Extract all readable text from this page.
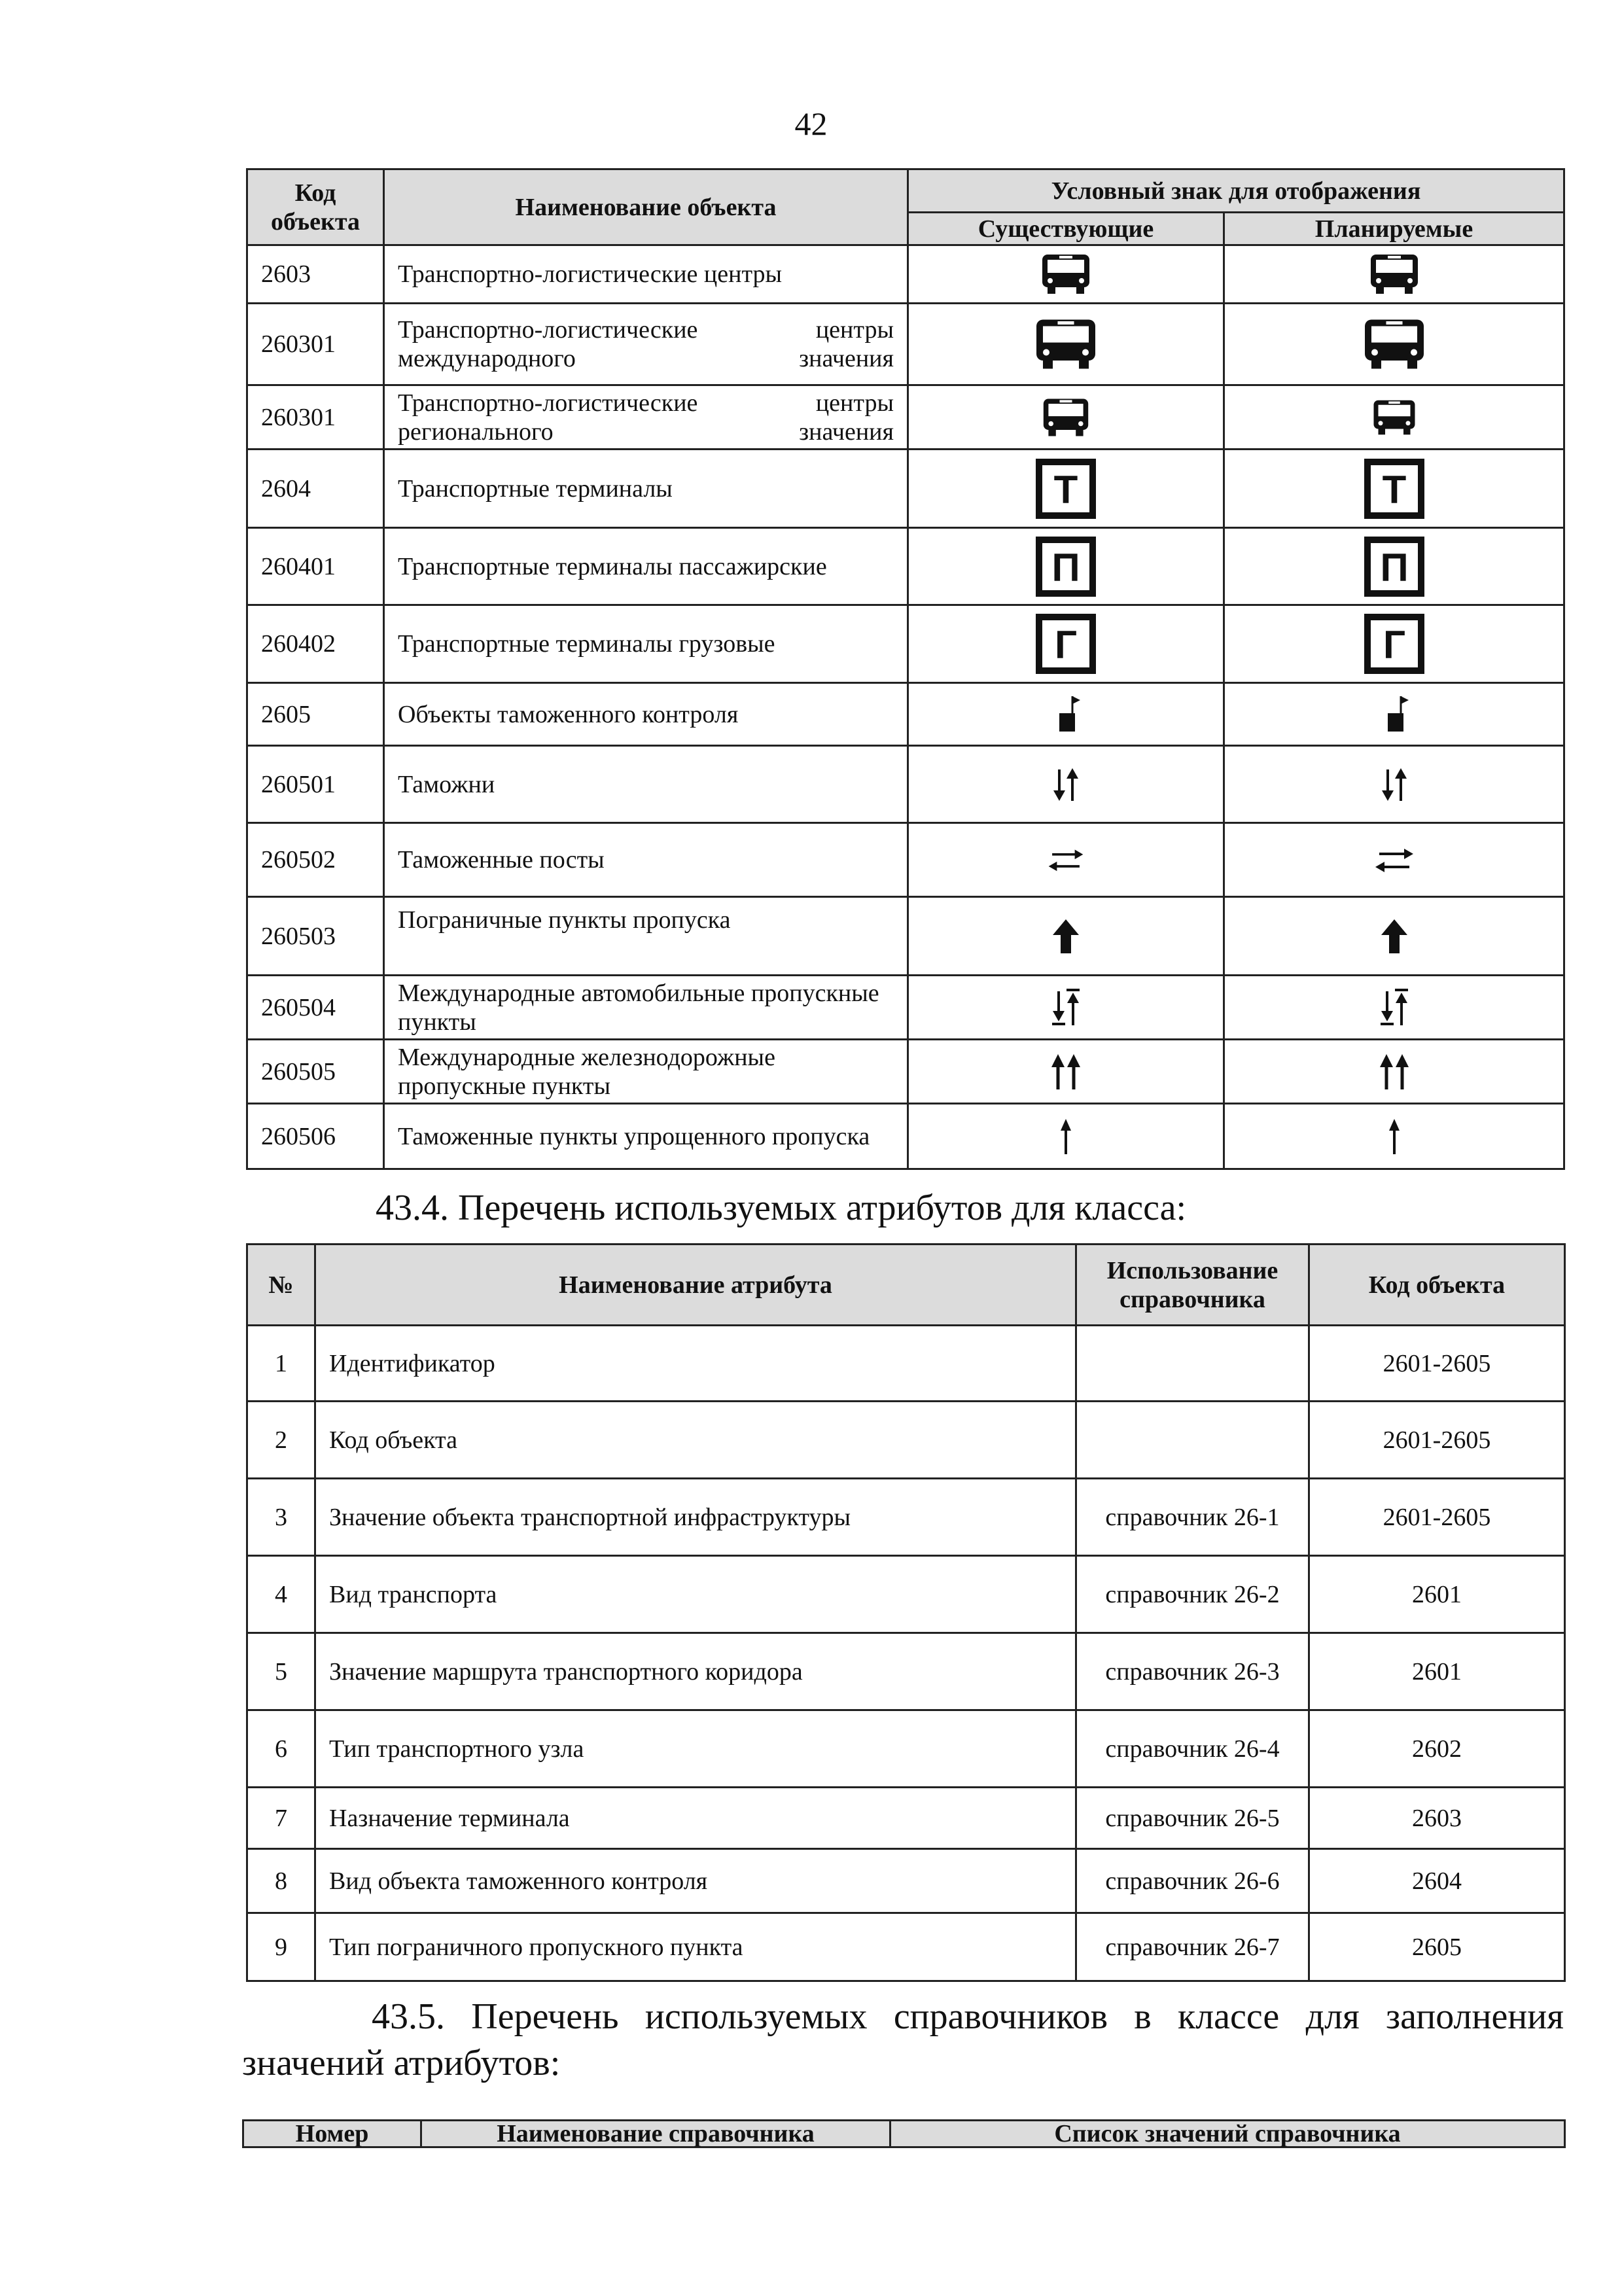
42
Код объекта	Наименование объекта	Условный знак для отображения	
		Существующие	Планируемые
2603	Транспортно-логистические центры		
260301	Транспортно-логистические центры международного значения		
260301	Транспортно-логистические центры регионального значения		
2604	Транспортные терминалы	Т	Т

260401	Транспортные терминалы пассажирские	П	П

260402	Транспортные терминалы грузовые	Г	Г

2605	Объекты таможенного контроля		
260501	Таможни		
260502	Таможенные посты		
260503	Пограничные пункты пропуска		
260504	Международные автомобильные пропускные пункты		
260505	Международные железнодорожные пропускные пункты		
260506	Таможенные пункты упрощенного пропуска		
43.4. Перечень используемых атрибутов для класса:
№	Наименование атрибута	Использование справочника	Код объекта
1	Идентификатор		2601-2605
2	Код объекта		2601-2605
3	Значение объекта транспортной инфраструктуры	справочник 26-1	2601-2605
4	Вид транспорта	справочник 26-2	2601
5	Значение маршрута транспортного коридора	справочник 26-3	2601
6	Тип транспортного узла	справочник 26-4	2602
7	Назначение терминала	справочник 26-5	2603
8	Вид объекта таможенного контроля	справочник 26-6	2604
9	Тип пограничного пропускного пункта	справочник 26-7	2605
43.5. Перечень используемых справочников в классе для заполнения
значений атрибутов:
Номер	Наименование справочника	Список значений справочника
